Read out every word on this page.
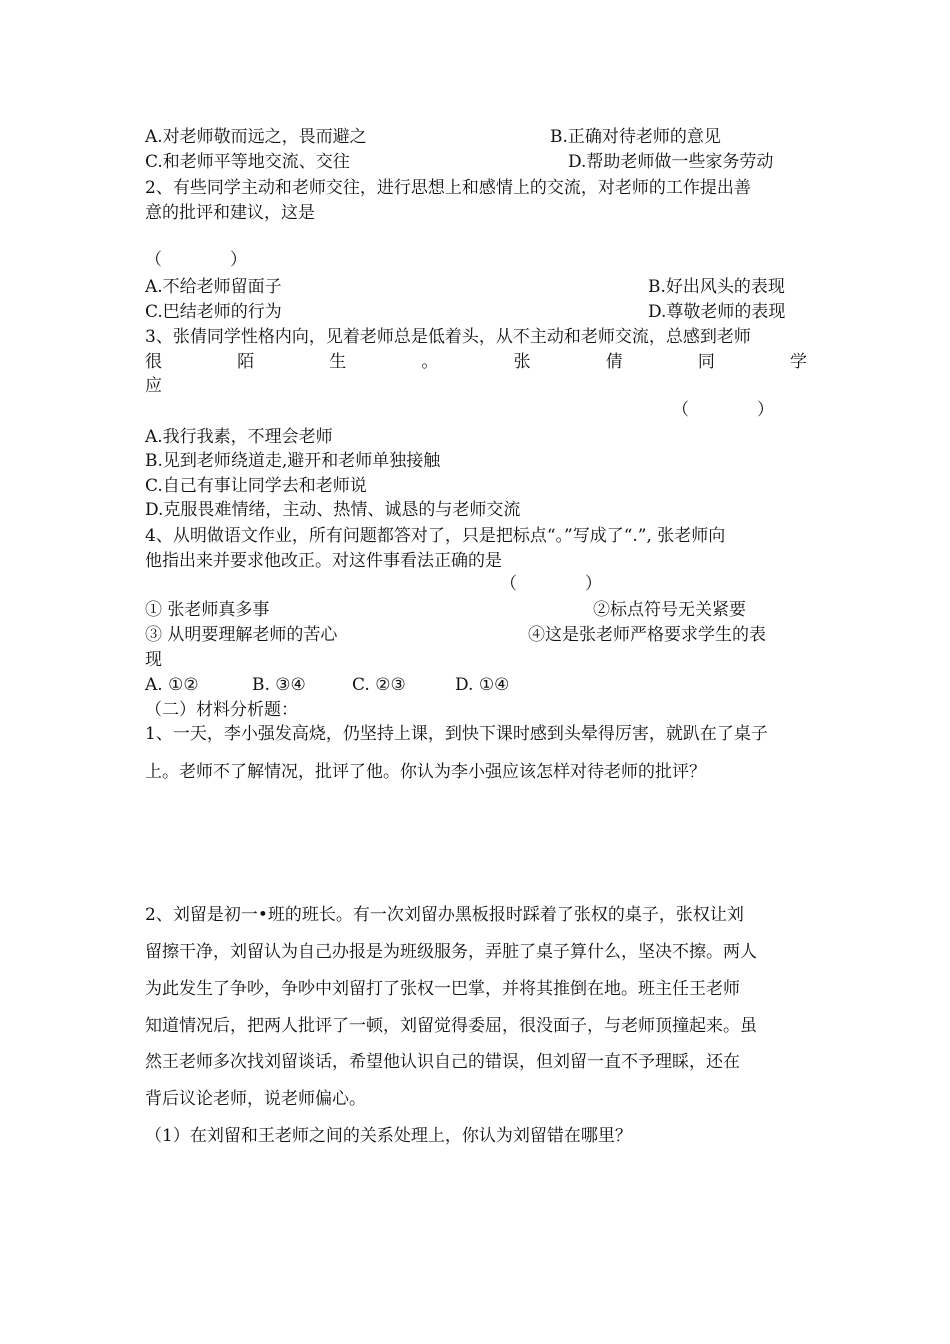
A.对老师敬而远之，畏而避之	B.正确对待老师的意见
C.和老师平等地交流、交往	D.帮助老师做一些家务劳动
2、有些同学主动和老师交往，进行思想上和感情上的交流，对老师的工作提出善
意的批评和建议，这是
（　　　　）
A.不给老师留面子	B.好出风头的表现
C.巴结老师的行为	D.尊敬老师的表现
3、张倩同学性格内向，见着老师总是低着头，从不主动和老师交流，总感到老师
很	陌	生	。	张	倩	同	学
应
（　　　　）
A.我行我素，不理会老师
B.见到老师绕道走,避开和老师单独接触
C.自己有事让同学去和老师说
D.克服畏难情绪，主动、热情、诚恳的与老师交流
4、从明做语文作业，所有问题都答对了，只是把标点“。”写成了“.”, 张老师向
他指出来并要求他改正。对这件事看法正确的是
（　　　　）
① 张老师真多事	②标点符号无关紧要
③ 从明要理解老师的苦心	④这是张老师严格要求学生的表
现
A. ①②	B. ③④	C. ②③	D. ①④
（二）材料分析题：
1、一天，李小强发高烧，仍坚持上课，到快下课时感到头晕得厉害，就趴在了桌子
上。老师不了解情况，批评了他。你认为李小强应该怎样对待老师的批评？
2、刘留是初一•班的班长。有一次刘留办黑板报时踩着了张权的桌子，张权让刘
留擦干净，刘留认为自己办报是为班级服务，弄脏了桌子算什么，坚决不擦。两人
为此发生了争吵，争吵中刘留打了张权一巴掌，并将其推倒在地。班主任王老师
知道情况后，把两人批评了一顿，刘留觉得委屈，很没面子，与老师顶撞起来。虽
然王老师多次找刘留谈话，希望他认识自己的错误，但刘留一直不予理睬，还在
背后议论老师，说老师偏心。
（1）在刘留和王老师之间的关系处理上，你认为刘留错在哪里？
